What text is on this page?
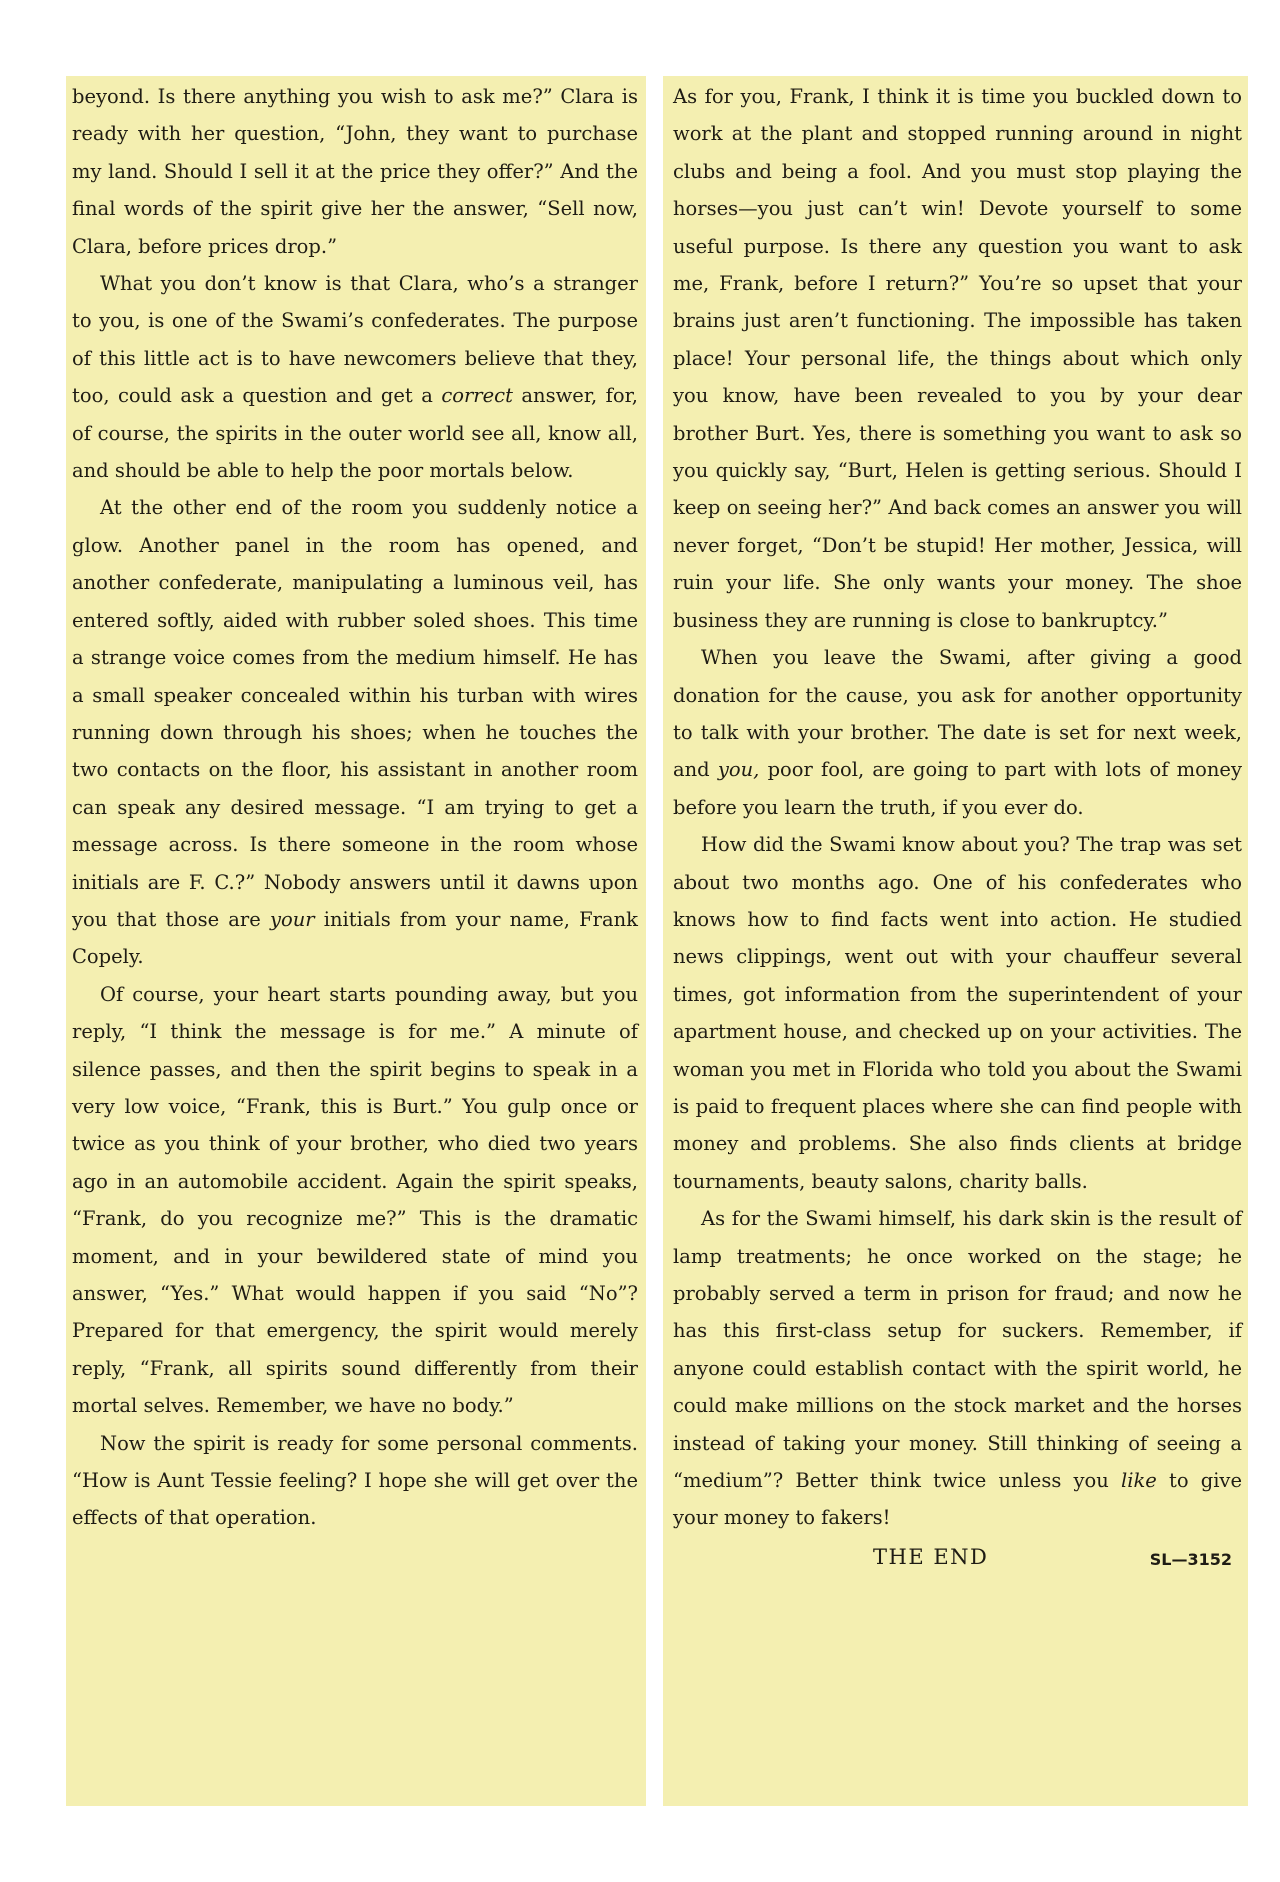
beyond. Is there anything you wish to ask me?” Clara is ready with her question, “John, they want to purchase my land. Should I sell it at the price they offer?” And the final words of the spirit give her the answer, “Sell now, Clara, before prices drop.”

What you don’t know is that Clara, who’s a stranger to you, is one of the Swami’s confederates. The purpose of this little act is to have newcomers believe that they, too, could ask a question and get a correct answer, for, of course, the spirits in the outer world see all, know all, and should be able to help the poor mortals below.

At the other end of the room you suddenly notice a glow. Another panel in the room has opened, and another confederate, manipulating a luminous veil, has entered softly, aided with rubber soled shoes. This time a strange voice comes from the medium himself. He has a small speaker concealed within his turban with wires running down through his shoes; when he touches the two contacts on the floor, his assistant in another room can speak any desired message. “I am trying to get a message across. Is there someone in the room whose initials are F. C.?” Nobody answers until it dawns upon you that those are your initials from your name, Frank Copely.

Of course, your heart starts pounding away, but you reply, “I think the message is for me.” A minute of silence passes, and then the spirit begins to speak in a very low voice, “Frank, this is Burt.” You gulp once or twice as you think of your brother, who died two years ago in an automobile accident. Again the spirit speaks, “Frank, do you recognize me?” This is the dramatic moment, and in your bewildered state of mind you answer, “Yes.” What would happen if you said “No”? Prepared for that emergency, the spirit would merely reply, “Frank, all spirits sound differently from their mortal selves. Remember, we have no body.”

Now the spirit is ready for some personal comments. “How is Aunt Tessie feeling? I hope she will get over the effects of that operation.

As for you, Frank, I think it is time you buckled down to work at the plant and stopped running around in night clubs and being a fool. And you must stop playing the horses—you just can’t win! Devote yourself to some useful purpose. Is there any question you want to ask me, Frank, before I return?” You’re so upset that your brains just aren’t functioning. The impossible has taken place! Your personal life, the things about which only you know, have been revealed to you by your dear brother Burt. Yes, there is something you want to ask so you quickly say, “Burt, Helen is getting serious. Should I keep on seeing her?” And back comes an answer you will never forget, “Don’t be stupid! Her mother, Jessica, will ruin your life. She only wants your money. The shoe business they are running is close to bankruptcy.”

When you leave the Swami, after giving a good donation for the cause, you ask for another opportunity to talk with your brother. The date is set for next week, and you, poor fool, are going to part with lots of money before you learn the truth, if you ever do.

How did the Swami know about you? The trap was set about two months ago. One of his confederates who knows how to find facts went into action. He studied news clippings, went out with your chauffeur several times, got information from the superintendent of your apartment house, and checked up on your activities. The woman you met in Florida who told you about the Swami is paid to frequent places where she can find people with money and problems. She also finds clients at bridge tournaments, beauty salons, charity balls.

As for the Swami himself, his dark skin is the result of lamp treatments; he once worked on the stage; he probably served a term in prison for fraud; and now he has this first-class setup for suckers. Remember, if anyone could establish contact with the spirit world, he could make millions on the stock market and the horses instead of taking your money. Still thinking of seeing a “medium”? Better think twice unless you like to give your money to fakers!

THE END	SL—3152
